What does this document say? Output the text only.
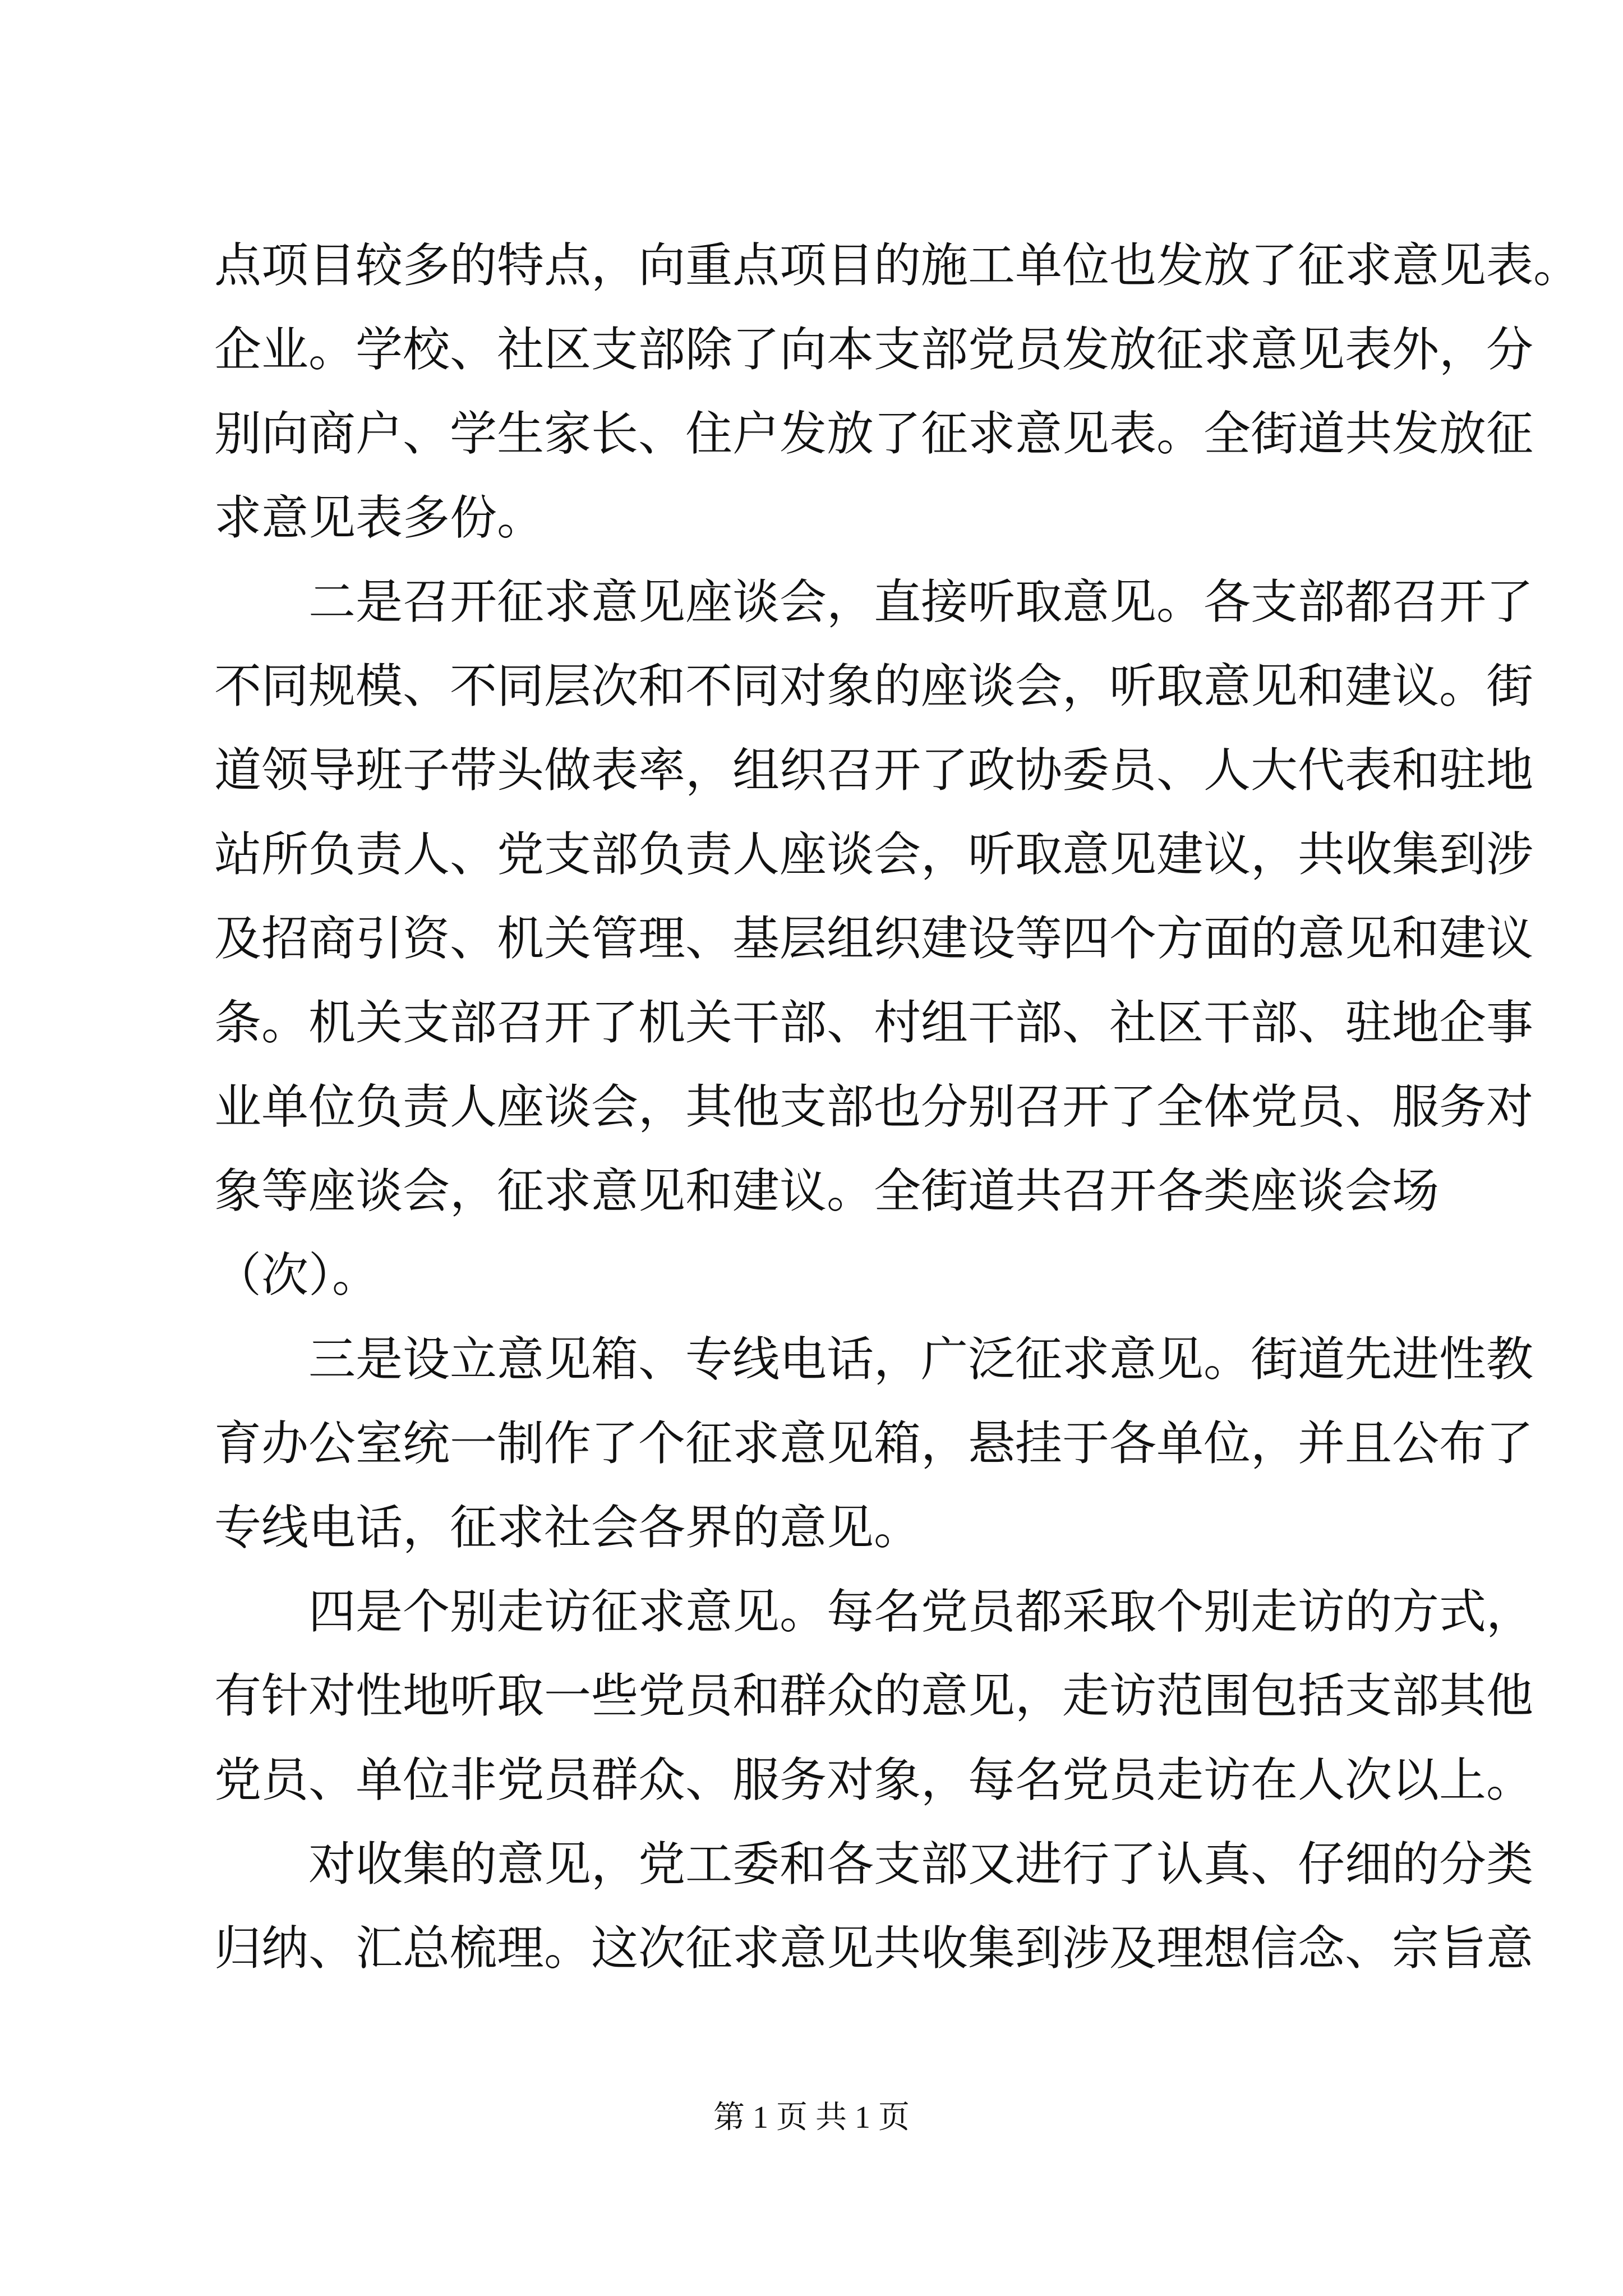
点项目较多的特点，向重点项目的施工单位也发放了征求意见表。
企业。学校、社区支部除了向本支部党员发放征求意见表外，分
别向商户、学生家长、住户发放了征求意见表。全街道共发放征
求意见表多份。
　　二是召开征求意见座谈会，直接听取意见。各支部都召开了
不同规模、不同层次和不同对象的座谈会，听取意见和建议。街
道领导班子带头做表率，组织召开了政协委员、人大代表和驻地
站所负责人、党支部负责人座谈会，听取意见建议，共收集到涉
及招商引资、机关管理、基层组织建设等四个方面的意见和建议
条。机关支部召开了机关干部、村组干部、社区干部、驻地企事
业单位负责人座谈会，其他支部也分别召开了全体党员、服务对
象等座谈会，征求意见和建议。全街道共召开各类座谈会场
（次）。
　　三是设立意见箱、专线电话，广泛征求意见。街道先进性教
育办公室统一制作了个征求意见箱，悬挂于各单位，并且公布了
专线电话，征求社会各界的意见。
　　四是个别走访征求意见。每名党员都采取个别走访的方式，
有针对性地听取一些党员和群众的意见，走访范围包括支部其他
党员、单位非党员群众、服务对象，每名党员走访在人次以上。
　　对收集的意见，党工委和各支部又进行了认真、仔细的分类
归纳、汇总梳理。这次征求意见共收集到涉及理想信念、宗旨意
第 1 页 共 1 页
